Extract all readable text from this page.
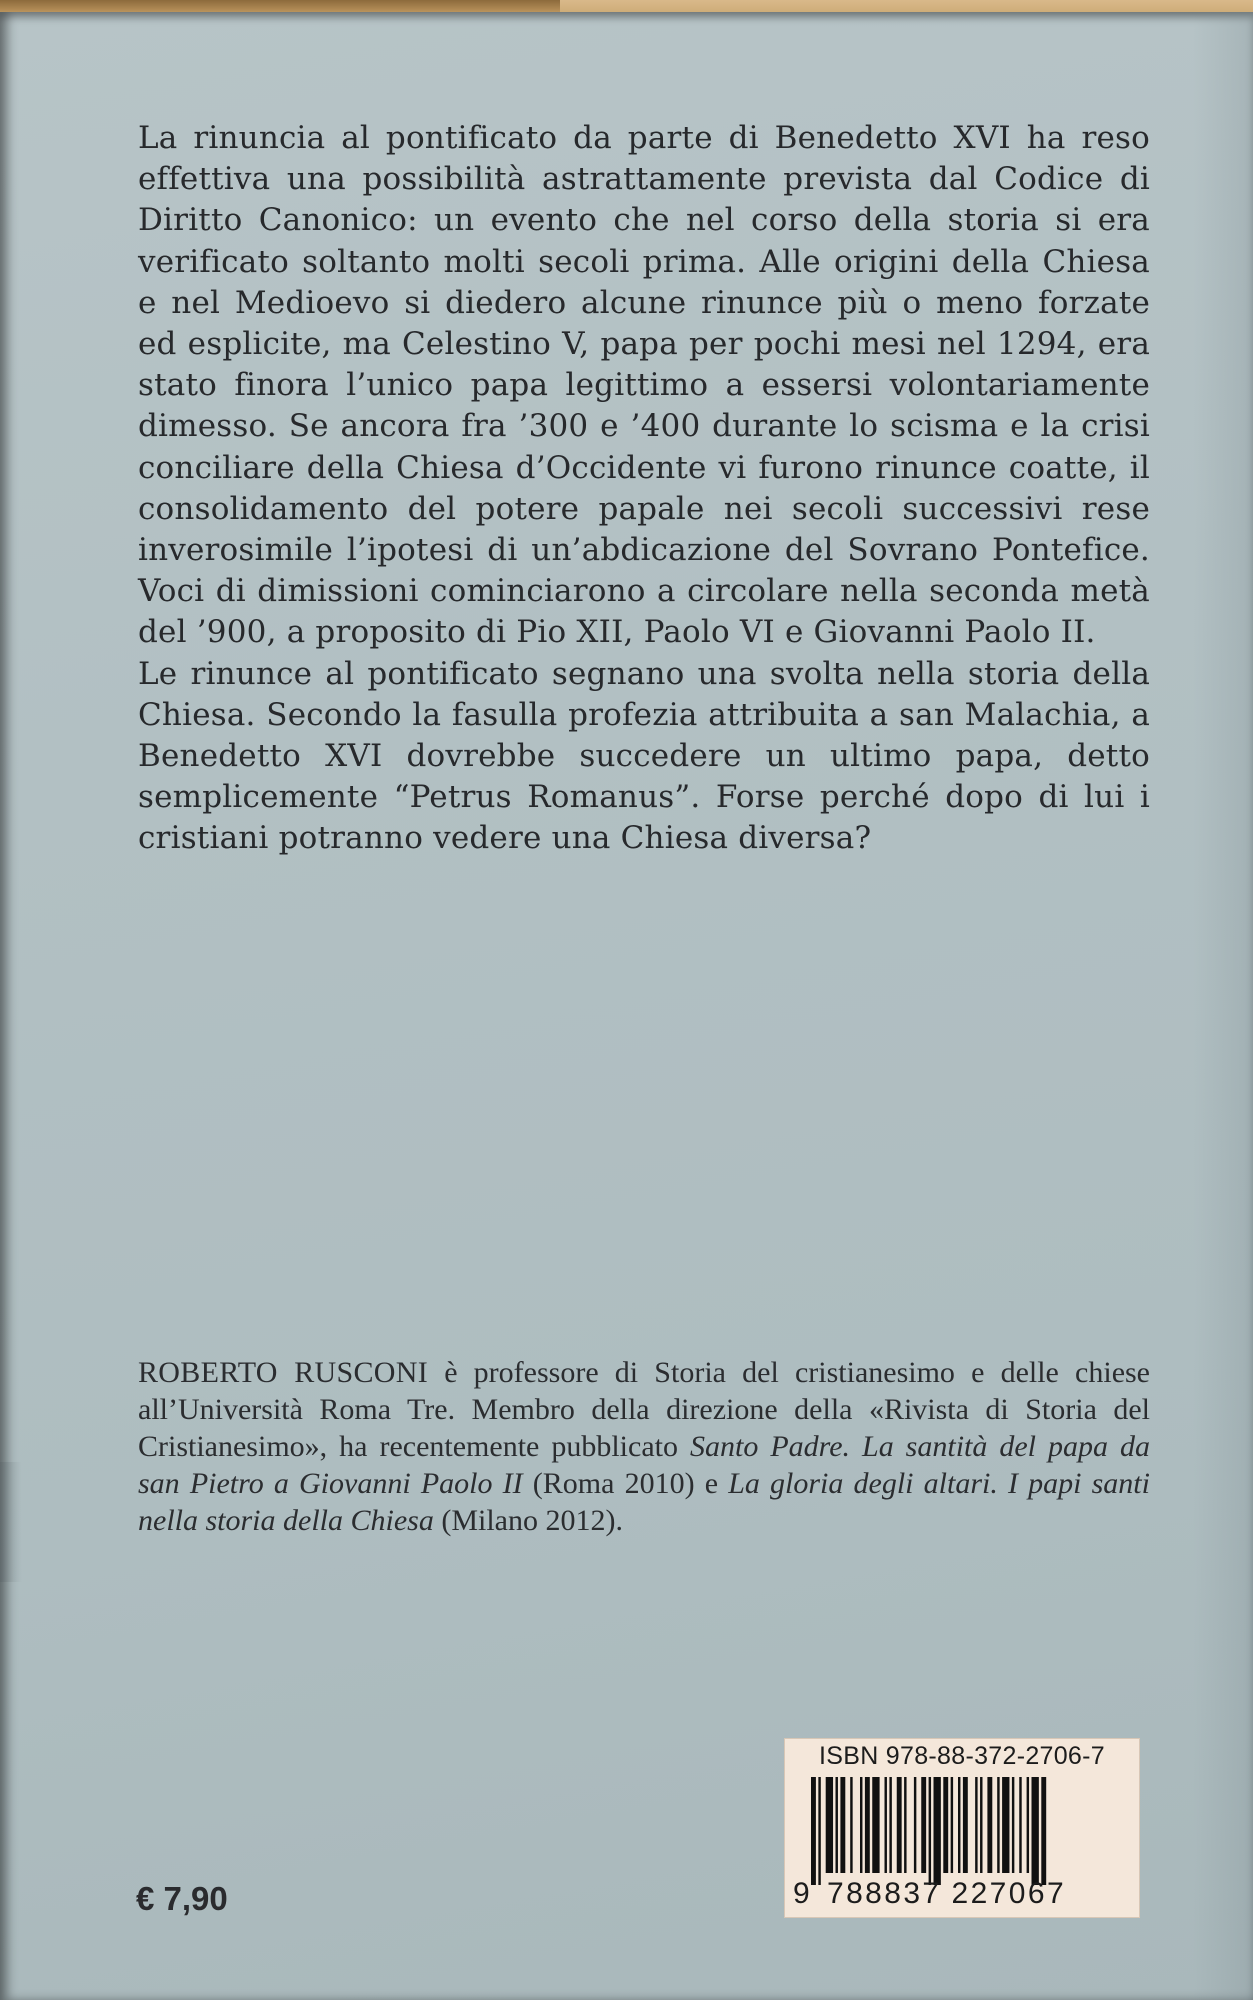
La rinuncia al pontificato da parte di Benedetto XVI ha reso effettiva una possibilità astrattamente prevista dal Codice di Diritto Canonico: un evento che nel corso della storia si era verificato soltanto molti secoli prima. Alle origini della Chiesa e nel Medioevo si diedero alcune rinunce più o meno forzate ed esplicite, ma Celestino V, papa per pochi mesi nel 1294, era stato finora l’unico papa legittimo a essersi volontariamente dimesso. Se ancora fra ’300 e ’400 durante lo scisma e la crisi conciliare della Chiesa d’Occidente vi furono rinunce coatte, il consolidamento del potere papale nei secoli successivi rese inverosimile l’ipotesi di un’abdicazione del Sovrano Pontefice. Voci di dimissioni cominciarono a circolare nella seconda metà del ’900, a proposito di Pio XII, Paolo VI e Giovanni Paolo II.

Le rinunce al pontificato segnano una svolta nella storia della Chiesa. Secondo la fasulla profezia attribuita a san Malachia, a Benedetto XVI dovrebbe succedere un ultimo papa, detto semplicemente “Petrus Romanus”. Forse perché dopo di lui i cristiani potranno vedere una Chiesa diversa?

ROBERTO RUSCONI è professore di Storia del cristianesimo e delle chiese all’Università Roma Tre. Membro della direzione della «Rivista di Storia del Cristianesimo», ha recentemente pubblicato Santo Padre. La santità del papa da san Pietro a Giovanni Paolo II (Roma 2010) e La gloria degli altari. I papi santi nella storia della Chiesa (Milano 2012).

€ 7,90
ISBN 978-88-372-2706-7
9 788837 227067
